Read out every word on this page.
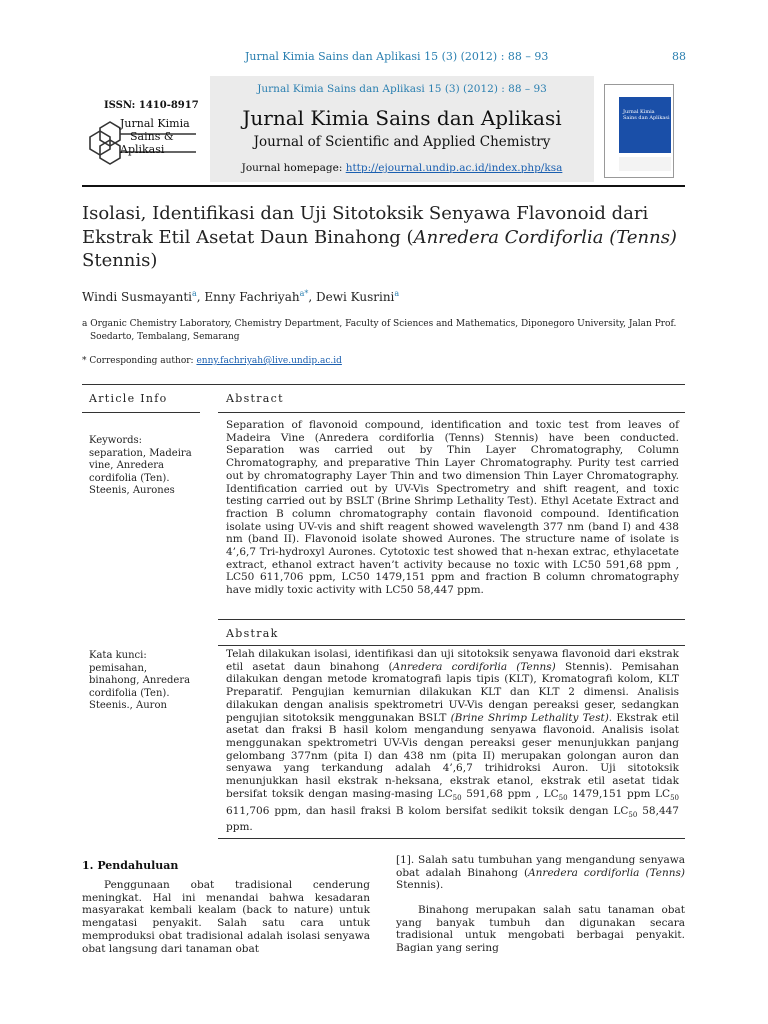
Jurnal Kimia Sains dan Aplikasi 15 (3) (2012) : 88 – 93	88
ISSN: 1410-8917
Jurnal Kimia
Sains &
Aplikasi
Jurnal Kimia Sains dan Aplikasi 15 (3) (2012) : 88 – 93
Jurnal Kimia Sains dan Aplikasi
Journal of Scientific and Applied Chemistry
Journal homepage: http://ejournal.undip.ac.id/index.php/ksa
Jurnal Kimia
Sains dan Aplikasi
Isolasi, Identifikasi dan Uji Sitotoksik Senyawa Flavonoid dari Ekstrak Etil Asetat Daun Binahong (Anredera Cordiforlia (Tenns) Stennis)
Windi Susmayanti$^a$, Enny Fachriyah$^{a*}$, Dewi Kusrini$^a$
a Organic Chemistry Laboratory, Chemistry Department, Faculty of Sciences and Mathematics, Diponegoro University, Jalan Prof.
Soedarto, Tembalang, Semarang
* Corresponding author: enny.fachriyah@live.undip.ac.id
Article Info	Abstract
Keywords:
separation, Madeira
vine, Anredera
cordifolia (Ten).
Steenis, Aurones
Separation of flavonoid compound, identification and toxic test from leaves of Madeira Vine (Anredera cordiforlia (Tenns) Stennis) have been conducted. Separation was carried out by Thin Layer Chromatography, Column Chromatography, and preparative Thin Layer Chromatography. Purity test carried out by chromatography Layer Thin and two dimension Thin Layer Chromatography. Identification carried out by UV-Vis Spectrometry and shift reagent, and toxic testing carried out by BSLT (Brine Shrimp Lethality Test). Ethyl Acetate Extract and fraction B column chromatography contain flavonoid compound. Identification isolate using UV-vis and shift reagent showed wavelength 377 nm (band I) and 438 nm (band II). Flavonoid isolate showed Aurones. The structure name of isolate is 4’,6,7 Tri-hydroxyl Aurones. Cytotoxic test showed that n-hexan extrac, ethylacetate extract, ethanol extract haven’t activity because no toxic with LC50 591,68 ppm , LC50 611,706 ppm, LC50 1479,151 ppm and fraction B column chromatography have midly toxic activity with LC50 58,447 ppm.
Abstrak
Kata kunci:
pemisahan,
binahong, Anredera
cordifolia (Ten).
Steenis., Auron
Telah dilakukan isolasi, identifikasi dan uji sitotoksik senyawa flavonoid dari ekstrak etil asetat daun binahong (Anredera cordiforlia (Tenns) Stennis). Pemisahan dilakukan dengan metode kromatografi lapis tipis (KLT), Kromatografi kolom, KLT Preparatif. Pengujian kemurnian dilakukan KLT dan KLT 2 dimensi. Analisis dilakukan dengan analisis spektrometri UV-Vis dengan pereaksi geser, sedangkan pengujian sitotoksik menggunakan BSLT (Brine Shrimp Lethality Test). Ekstrak etil asetat dan fraksi B hasil kolom mengandung senyawa flavonoid. Analisis isolat menggunakan spektrometri UV-Vis dengan pereaksi geser menunjukkan panjang gelombang 377nm (pita I) dan 438 nm (pita II) merupakan golongan auron dan senyawa yang terkandung adalah 4’,6,7 trihidroksi Auron. Uji sitotoksik menunjukkan hasil ekstrak n-heksana, ekstrak etanol, ekstrak etil asetat tidak bersifat toksik dengan masing-masing $LC_{50}$ 591,68 ppm , $LC_{50}$ 1479,151 ppm $LC_{50}$ 611,706 ppm, dan hasil fraksi B kolom bersifat sedikit toksik dengan $LC_{50}$ 58,447 ppm.
1. Pendahuluan
Penggunaan obat tradisional cenderung meningkat. Hal ini menandai bahwa kesadaran masyarakat kembali kealam (back to nature) untuk mengatasi penyakit. Salah satu cara untuk memproduksi obat tradisional adalah isolasi senyawa obat langsung dari tanaman obat
[1]. Salah satu tumbuhan yang mengandung senyawa obat adalah Binahong (Anredera cordiforlia (Tenns) Stennis).
Binahong merupakan salah satu tanaman obat yang banyak tumbuh dan digunakan secara tradisional untuk mengobati berbagai penyakit. Bagian yang sering
